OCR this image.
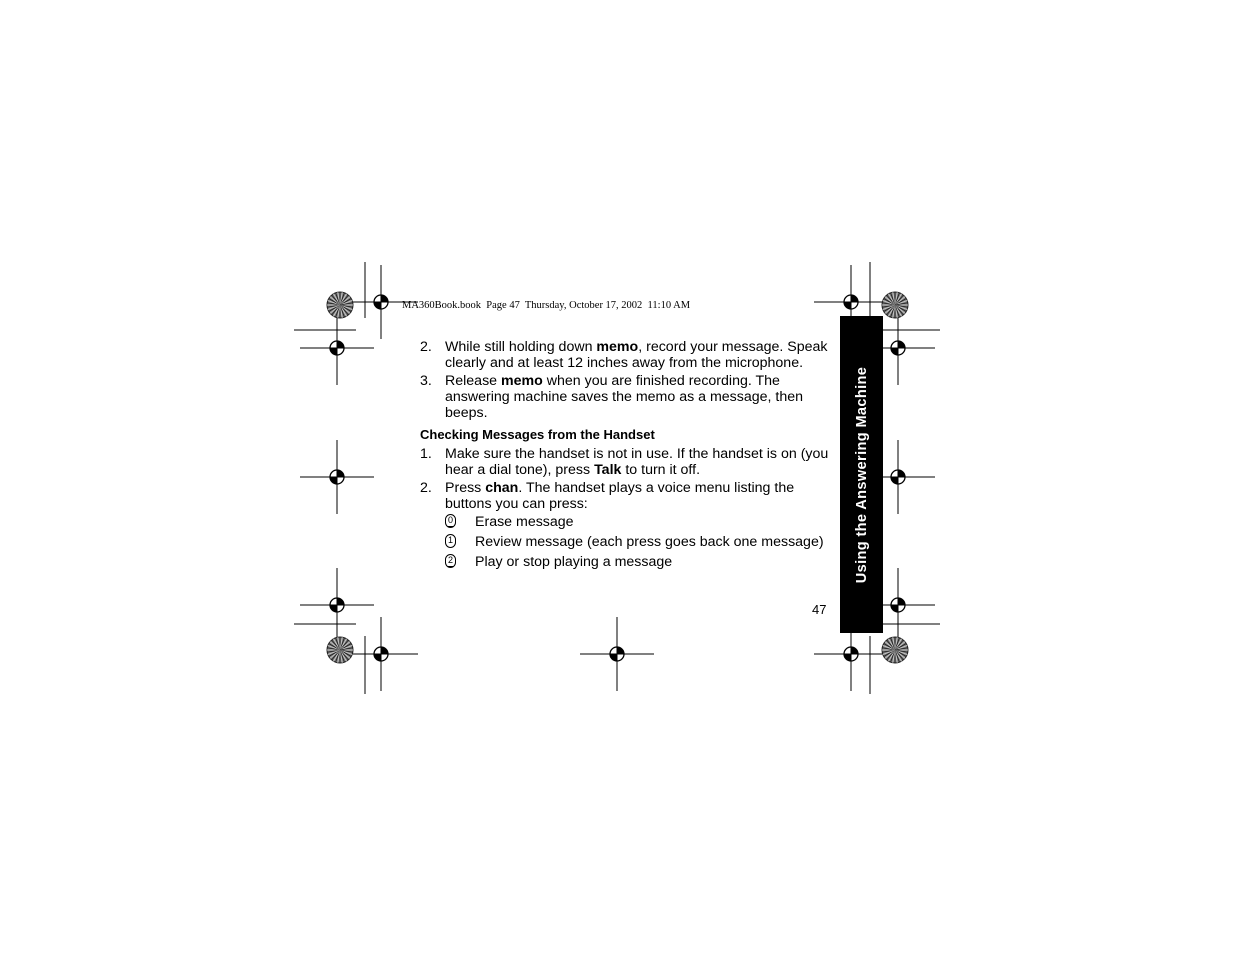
MA360Book.book  Page 47  Thursday, October 17, 2002  11:10 AM
Using the Answering Machine
2. While still holding down memo, record your message. Speak clearly and at least 12 inches away from the microphone.
3. Release memo when you are finished recording. The answering machine saves the memo as a message, then beeps.
Checking Messages from the Handset
1. Make sure the handset is not in use. If the handset is on (you hear a dial tone), press Talk to turn it off.
2. Press chan. The handset plays a voice menu listing the buttons you can press:
0 Erase message
1 Review message (each press goes back one message)
2 Play or stop playing a message
47
